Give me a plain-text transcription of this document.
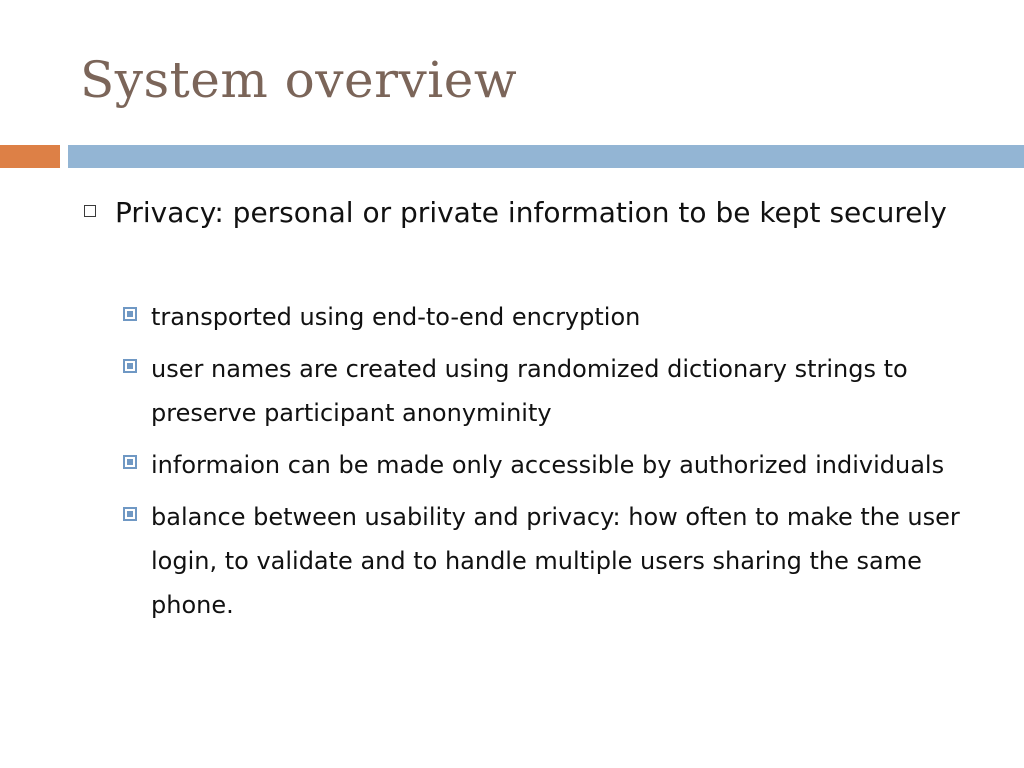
System overview
Privacy: personal or private information to be kept securely
transported using end-to-end encryption
user names are created using randomized dictionary strings to preserve participant anonyminity
informaion can be made only accessible by authorized individuals
balance between usability and privacy: how often to make the user login, to validate and to handle multiple users sharing the same phone.
